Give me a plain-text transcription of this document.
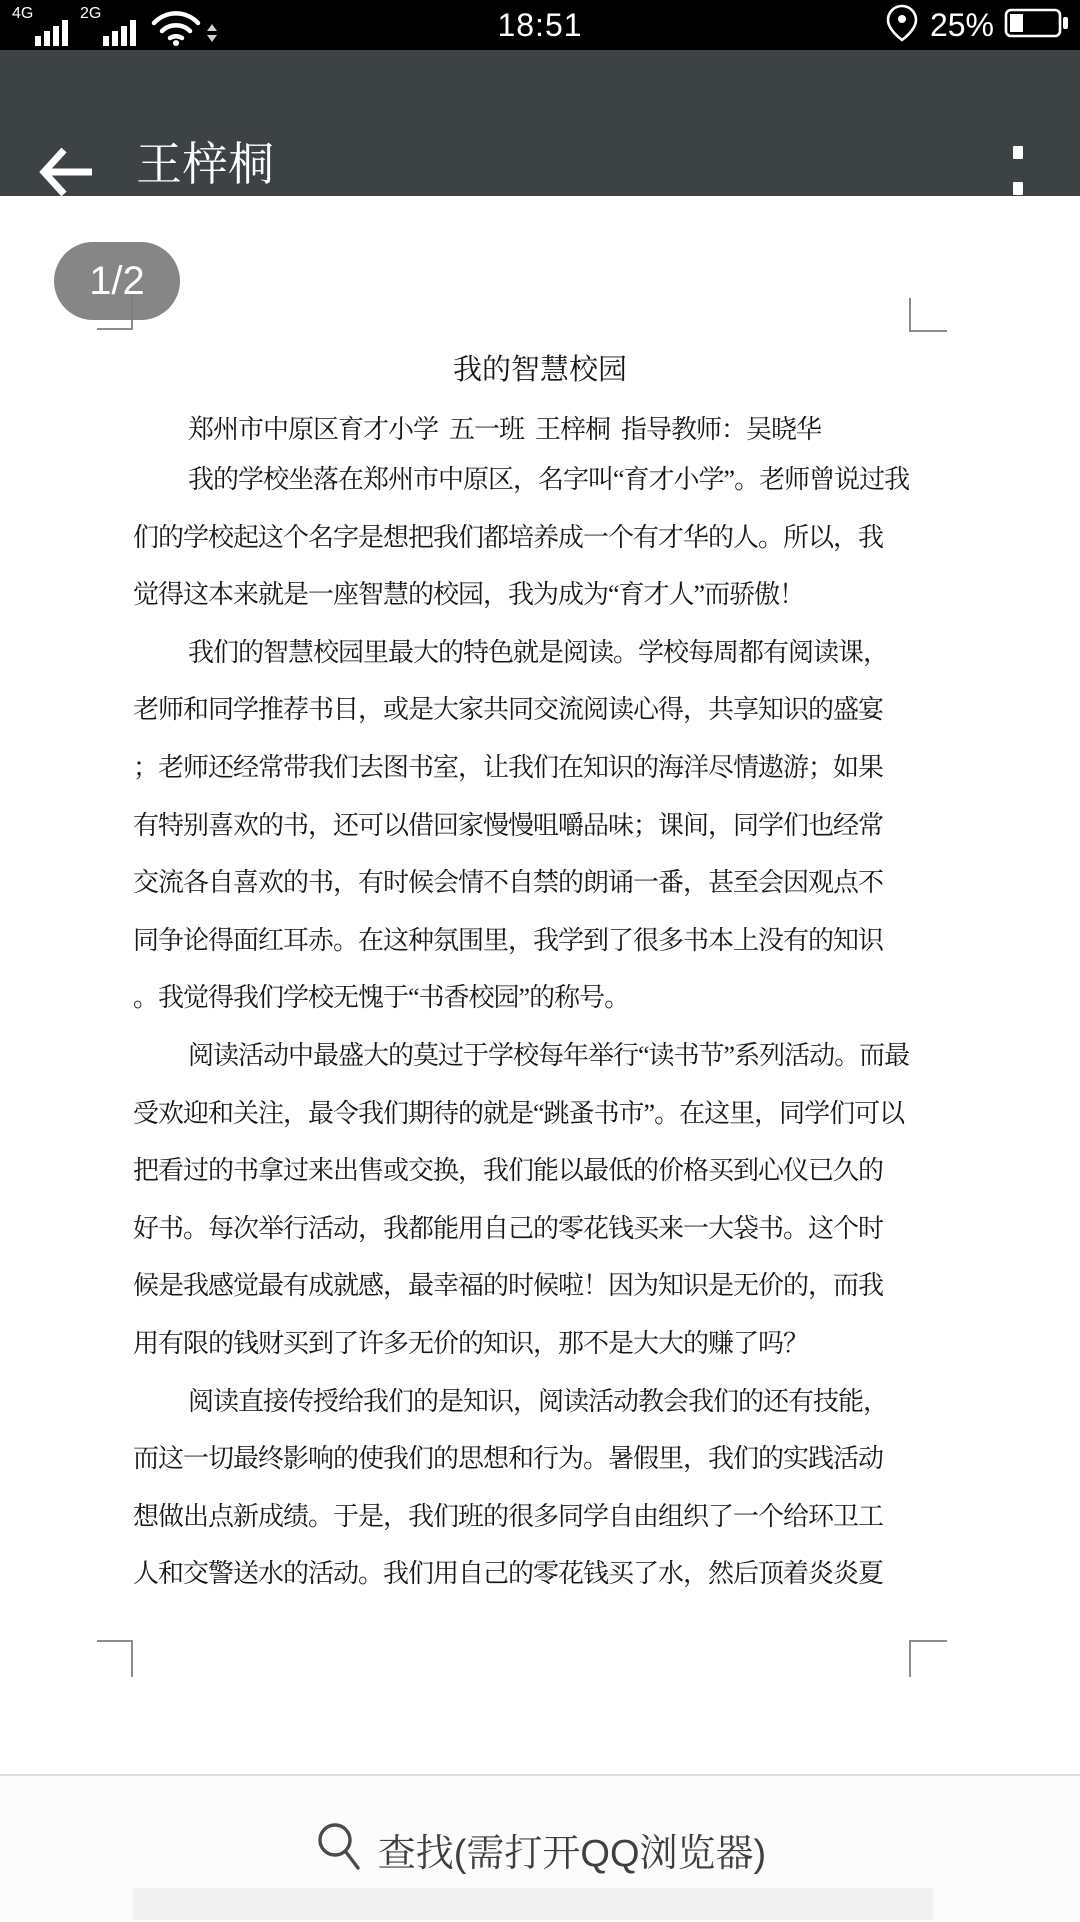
4G	2G	18:51	25%
王梓桐
1/2
我的智慧校园
郑州市中原区育才小学  五一班  王梓桐  指导教师：吴晓华
我的学校坐落在郑州市中原区，名字叫“育才小学”。老师曾说过我
们的学校起这个名字是想把我们都培养成一个有才华的人。所以，我
觉得这本来就是一座智慧的校园，我为成为“育才人”而骄傲！
我们的智慧校园里最大的特色就是阅读。学校每周都有阅读课，
老师和同学推荐书目，或是大家共同交流阅读心得，共享知识的盛宴
；老师还经常带我们去图书室，让我们在知识的海洋尽情遨游；如果
有特别喜欢的书，还可以借回家慢慢咀嚼品味；课间，同学们也经常
交流各自喜欢的书，有时候会情不自禁的朗诵一番，甚至会因观点不
同争论得面红耳赤。在这种氛围里，我学到了很多书本上没有的知识
。我觉得我们学校无愧于“书香校园”的称号。
阅读活动中最盛大的莫过于学校每年举行“读书节”系列活动。而最
受欢迎和关注，最令我们期待的就是“跳蚤书市”。在这里，同学们可以
把看过的书拿过来出售或交换，我们能以最低的价格买到心仪已久的
好书。每次举行活动，我都能用自己的零花钱买来一大袋书。这个时
候是我感觉最有成就感，最幸福的时候啦！因为知识是无价的，而我
用有限的钱财买到了许多无价的知识，那不是大大的赚了吗？
阅读直接传授给我们的是知识，阅读活动教会我们的还有技能，
而这一切最终影响的使我们的思想和行为。暑假里，我们的实践活动
想做出点新成绩。于是，我们班的很多同学自由组织了一个给环卫工
人和交警送水的活动。我们用自己的零花钱买了水，然后顶着炎炎夏
查找(需打开QQ浏览器)
